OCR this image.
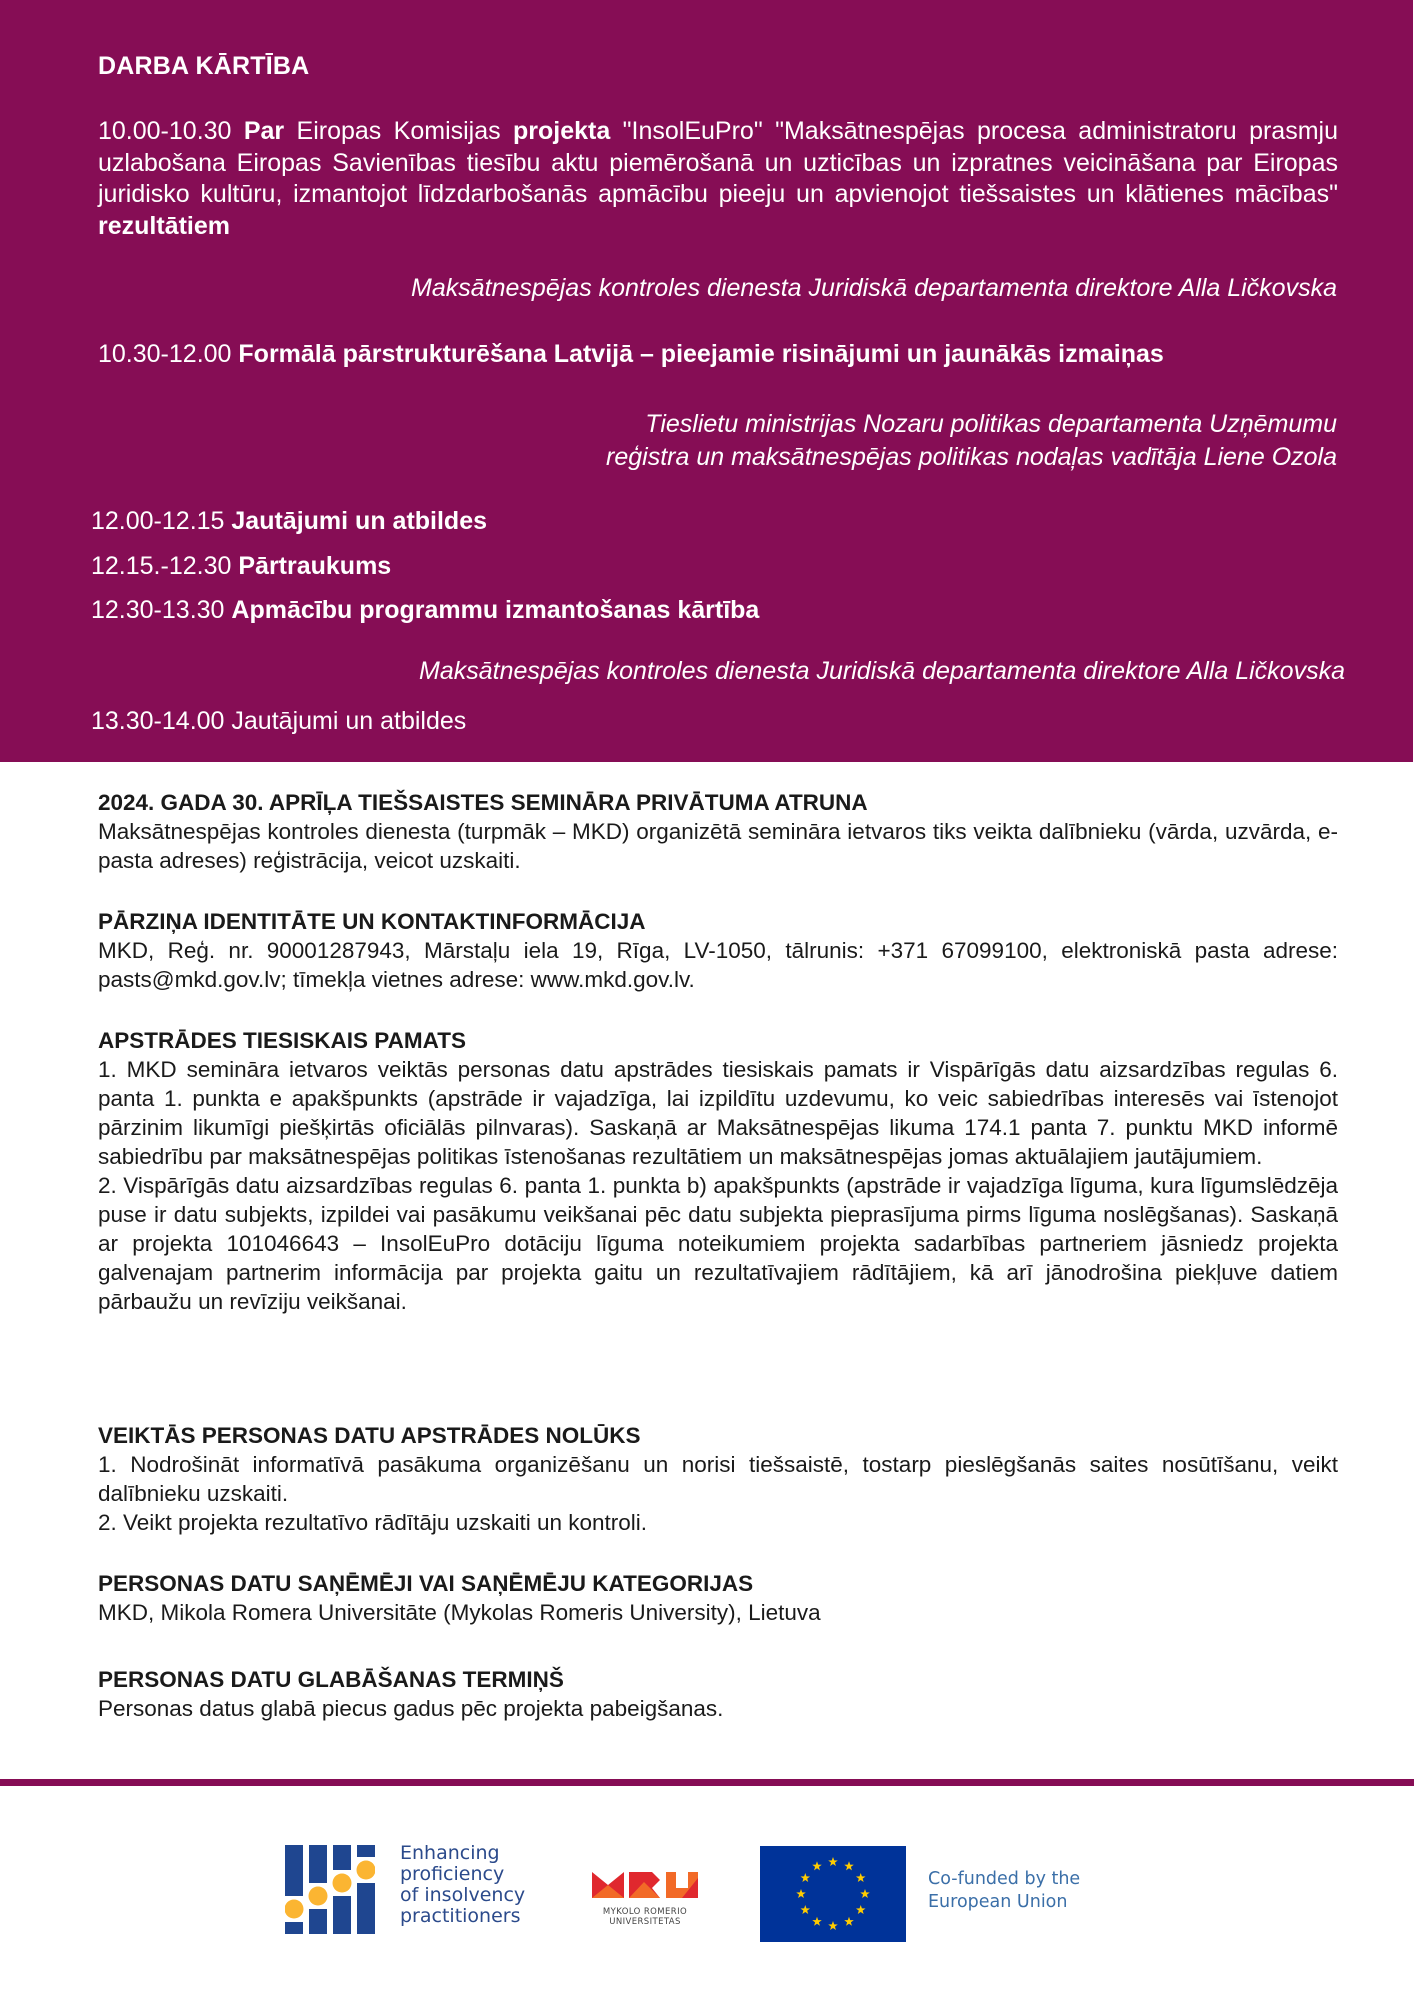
DARBA KĀRTĪBA

10.00-10.30 Par Eiropas Komisijas projekta "InsolEuPro" "Maksātnespējas procesa administratoru prasmju uzlabošana Eiropas Savienības tiesību aktu piemērošanā un uzticības un izpratnes veicināšana par Eiropas juridisko kultūru, izmantojot līdzdarbošanās apmācību pieeju un apvienojot tiešsaistes un klātienes mācības" rezultātiem

Maksātnespējas kontroles dienesta Juridiskā departamenta direktore Alla Ličkovska

10.30-12.00 Formālā pārstrukturēšana Latvijā – pieejamie risinājumi un jaunākās izmaiņas

Tieslietu ministrijas Nozaru politikas departamenta Uzņēmumu
reģistra un maksātnespējas politikas nodaļas vadītāja Liene Ozola
12.00-12.15 Jautājumi un atbildes
12.15.-12.30 Pārtraukums
12.30-13.30 Apmācību programmu izmantošanas kārtība
Maksātnespējas kontroles dienesta Juridiskā departamenta direktore Alla Ličkovska
13.30-14.00 Jautājumi un atbildes
2024. GADA 30. APRĪĻA TIEŠSAISTES SEMINĀRA PRIVĀTUMA ATRUNA

Maksātnespējas kontroles dienesta (turpmāk – MKD) organizētā semināra ietvaros tiks veikta dalībnieku (vārda, uzvārda, e-pasta adreses) reģistrācija, veicot uzskaiti.

PĀRZIŅA IDENTITĀTE UN KONTAKTINFORMĀCIJA

MKD, Reģ. nr. 90001287943, Mārstaļu iela 19, Rīga, LV-1050, tālrunis: +371 67099100, elektroniskā pasta adrese: pasts@mkd.gov.lv; tīmekļa vietnes adrese: www.mkd.gov.lv.

APSTRĀDES TIESISKAIS PAMATS

1. MKD semināra ietvaros veiktās personas datu apstrādes tiesiskais pamats ir Vispārīgās datu aizsardzības regulas 6. panta 1. punkta e apakšpunkts (apstrāde ir vajadzīga, lai izpildītu uzdevumu, ko veic sabiedrības interesēs vai īstenojot pārzinim likumīgi piešķirtās oficiālās pilnvaras). Saskaņā ar Maksātnespējas likuma 174.1 panta 7. punktu MKD informē sabiedrību par maksātnespējas politikas īstenošanas rezultātiem un maksātnespējas jomas aktuālajiem jautājumiem.

2. Vispārīgās datu aizsardzības regulas 6. panta 1. punkta b) apakšpunkts (apstrāde ir vajadzīga līguma, kura līgumslēdzēja puse ir datu subjekts, izpildei vai pasākumu veikšanai pēc datu subjekta pieprasījuma pirms līguma noslēgšanas). Saskaņā ar projekta 101046643 – InsolEuPro dotāciju līguma noteikumiem projekta sadarbības partneriem jāsniedz projekta galvenajam partnerim informācija par projekta gaitu un rezultatīvajiem rādītājiem, kā arī jānodrošina piekļuve datiem pārbaužu un revīziju veikšanai.

VEIKTĀS PERSONAS DATU APSTRĀDES NOLŪKS

1. Nodrošināt informatīvā pasākuma organizēšanu un norisi tiešsaistē, tostarp pieslēgšanās saites nosūtīšanu, veikt dalībnieku uzskaiti.

2. Veikt projekta rezultatīvo rādītāju uzskaiti un kontroli.

PERSONAS DATU SAŅĒMĒJI VAI SAŅĒMĒJU KATEGORIJAS

MKD, Mikola Romera Universitāte (Mykolas Romeris University), Lietuva

PERSONAS DATU GLABĀŠANAS TERMIŅŠ

Personas datus glabā piecus gadus pēc projekta pabeigšanas.

Enhancing
proficiency
of insolvency
practitioners	MYKOLO ROMERIO
UNIVERSITETAS
Co-funded by the
European Union
